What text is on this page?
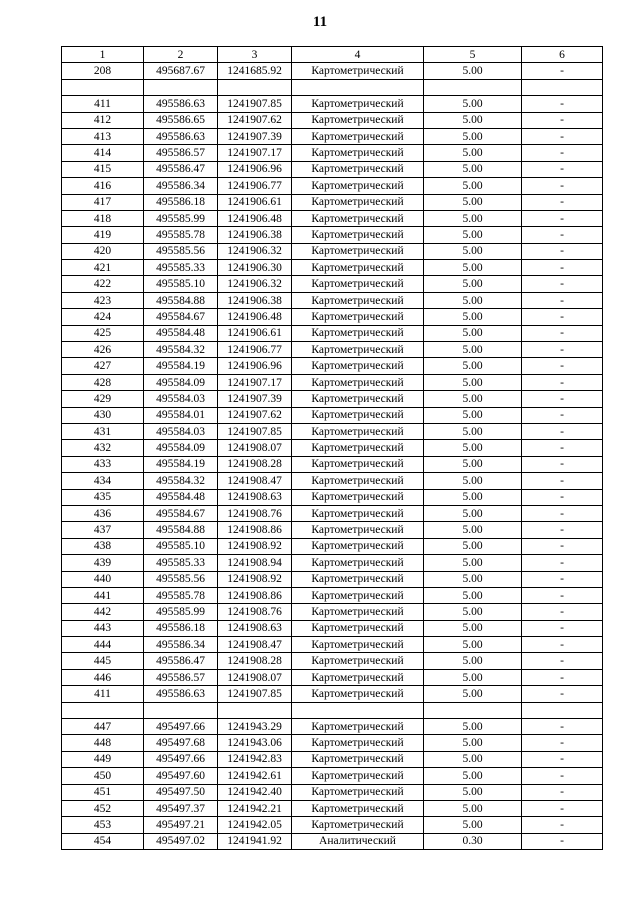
11
1	2	3	4	5	6
208	495687.67	1241685.92	Картометрический	5.00	-

411	495586.63	1241907.85	Картометрический	5.00	-
412	495586.65	1241907.62	Картометрический	5.00	-
413	495586.63	1241907.39	Картометрический	5.00	-
414	495586.57	1241907.17	Картометрический	5.00	-
415	495586.47	1241906.96	Картометрический	5.00	-
416	495586.34	1241906.77	Картометрический	5.00	-
417	495586.18	1241906.61	Картометрический	5.00	-
418	495585.99	1241906.48	Картометрический	5.00	-
419	495585.78	1241906.38	Картометрический	5.00	-
420	495585.56	1241906.32	Картометрический	5.00	-
421	495585.33	1241906.30	Картометрический	5.00	-
422	495585.10	1241906.32	Картометрический	5.00	-
423	495584.88	1241906.38	Картометрический	5.00	-
424	495584.67	1241906.48	Картометрический	5.00	-
425	495584.48	1241906.61	Картометрический	5.00	-
426	495584.32	1241906.77	Картометрический	5.00	-
427	495584.19	1241906.96	Картометрический	5.00	-
428	495584.09	1241907.17	Картометрический	5.00	-
429	495584.03	1241907.39	Картометрический	5.00	-
430	495584.01	1241907.62	Картометрический	5.00	-
431	495584.03	1241907.85	Картометрический	5.00	-
432	495584.09	1241908.07	Картометрический	5.00	-
433	495584.19	1241908.28	Картометрический	5.00	-
434	495584.32	1241908.47	Картометрический	5.00	-
435	495584.48	1241908.63	Картометрический	5.00	-
436	495584.67	1241908.76	Картометрический	5.00	-
437	495584.88	1241908.86	Картометрический	5.00	-
438	495585.10	1241908.92	Картометрический	5.00	-
439	495585.33	1241908.94	Картометрический	5.00	-
440	495585.56	1241908.92	Картометрический	5.00	-
441	495585.78	1241908.86	Картометрический	5.00	-
442	495585.99	1241908.76	Картометрический	5.00	-
443	495586.18	1241908.63	Картометрический	5.00	-
444	495586.34	1241908.47	Картометрический	5.00	-
445	495586.47	1241908.28	Картометрический	5.00	-
446	495586.57	1241908.07	Картометрический	5.00	-
411	495586.63	1241907.85	Картометрический	5.00	-

447	495497.66	1241943.29	Картометрический	5.00	-
448	495497.68	1241943.06	Картометрический	5.00	-
449	495497.66	1241942.83	Картометрический	5.00	-
450	495497.60	1241942.61	Картометрический	5.00	-
451	495497.50	1241942.40	Картометрический	5.00	-
452	495497.37	1241942.21	Картометрический	5.00	-
453	495497.21	1241942.05	Картометрический	5.00	-
454	495497.02	1241941.92	Аналитический	0.30	-
